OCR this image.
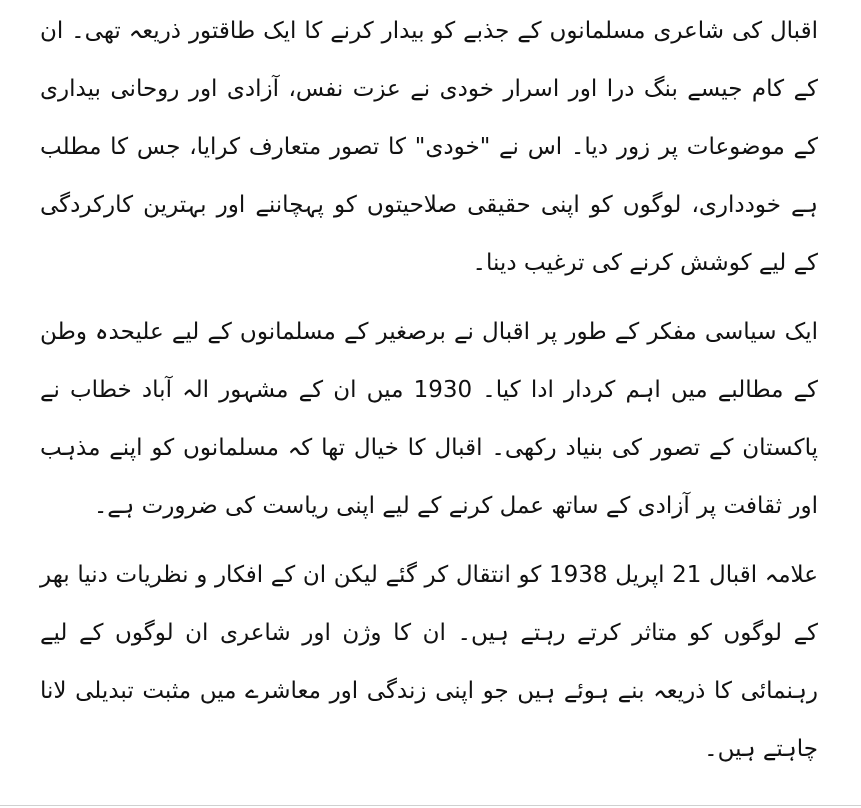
اقبال کی شاعری مسلمانوں کے جذبے کو بیدار کرنے کا ایک طاقتور ذریعہ تھی۔ ان کے کام جیسے بنگ درا اور اسرار خودی نے عزت نفس، آزادی اور روحانی بیداری کے موضوعات پر زور دیا۔ اس نے "خودی" کا تصور متعارف کرایا، جس کا مطلب ہے خودداری، لوگوں کو اپنی حقیقی صلاحیتوں کو پہچاننے اور بہترین کارکردگی کے لیے کوشش کرنے کی ترغیب دینا۔

ایک سیاسی مفکر کے طور پر اقبال نے برصغیر کے مسلمانوں کے لیے علیحدہ وطن کے مطالبے میں اہم کردار ادا کیا۔ 1930 میں ان کے مشہور الہ آباد خطاب نے پاکستان کے تصور کی بنیاد رکھی۔ اقبال کا خیال تھا کہ مسلمانوں کو اپنے مذہب اور ثقافت پر آزادی کے ساتھ عمل کرنے کے لیے اپنی ریاست کی ضرورت ہے۔

علامہ اقبال 21 اپریل 1938 کو انتقال کر گئے لیکن ان کے افکار و نظریات دنیا بھر کے لوگوں کو متاثر کرتے رہتے ہیں۔ ان کا وژن اور شاعری ان لوگوں کے لیے رہنمائی کا ذریعہ بنے ہوئے ہیں جو اپنی زندگی اور معاشرے میں مثبت تبدیلی لانا چاہتے ہیں۔
